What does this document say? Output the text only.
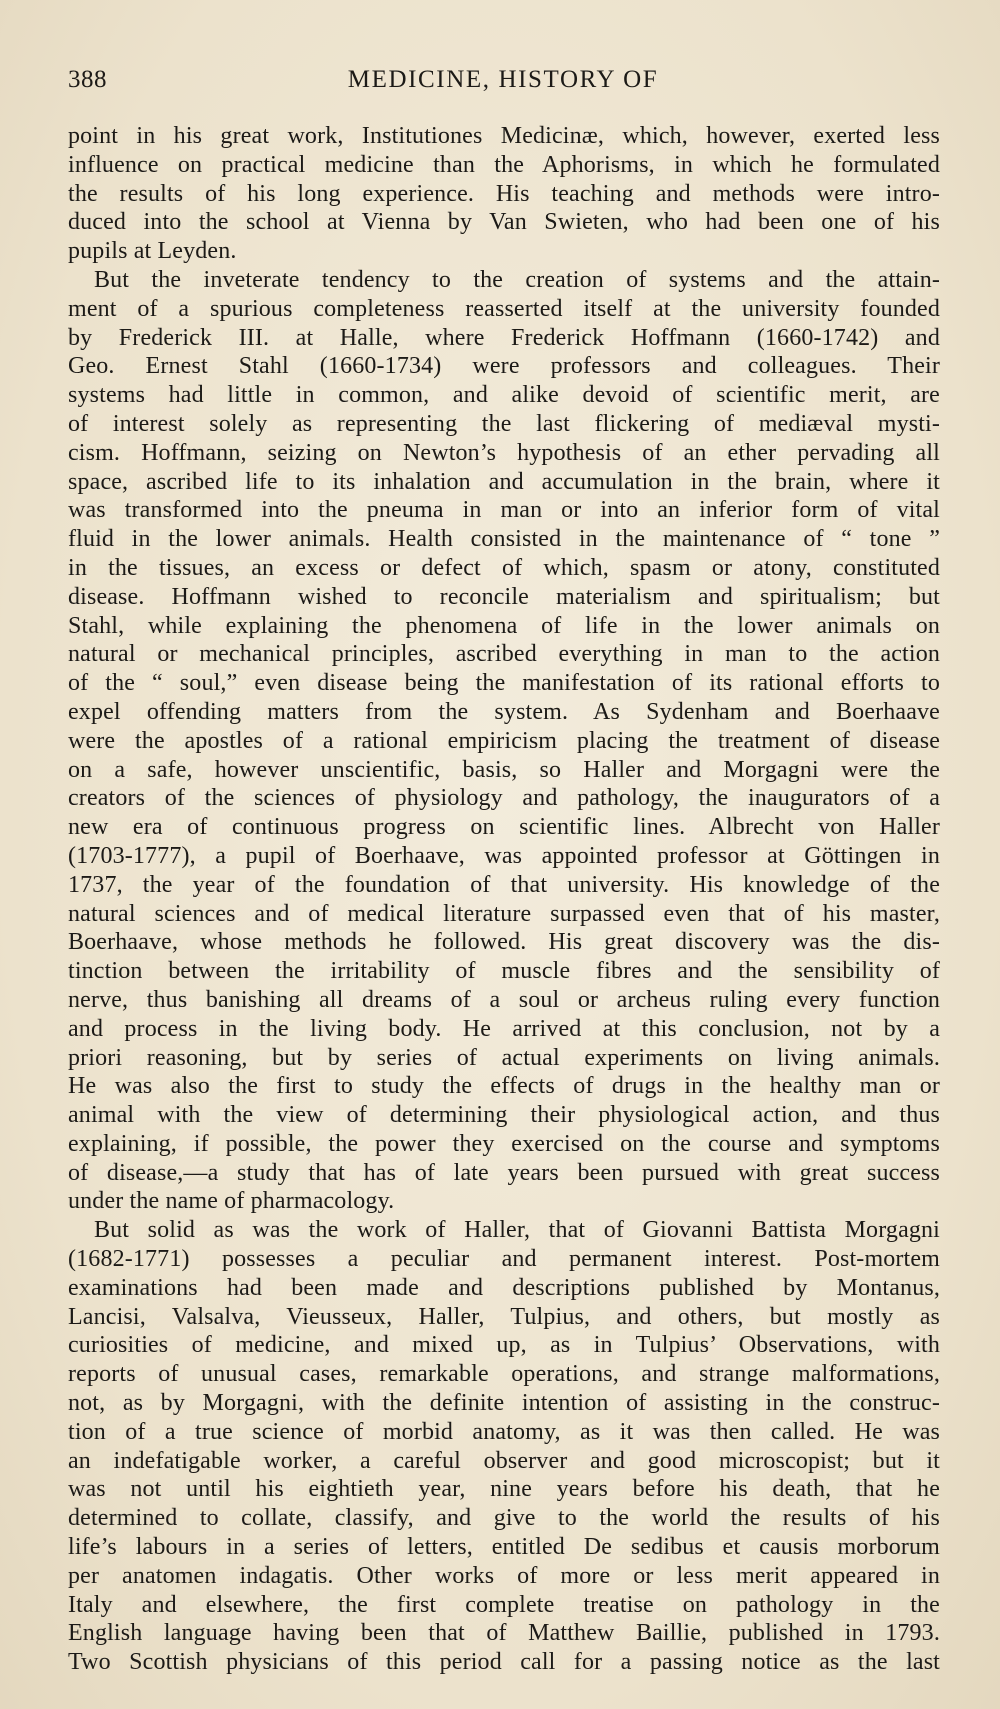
388	MEDICINE, HISTORY OF
point in his great work, Institutiones Medicinæ, which, however, exerted less
influence on practical medicine than the Aphorisms, in which he formulated
the results of his long experience. His teaching and methods were intro-
duced into the school at Vienna by Van Swieten, who had been one of his
pupils at Leyden.
But the inveterate tendency to the creation of systems and the attain-
ment of a spurious completeness reasserted itself at the university founded
by Frederick III. at Halle, where Frederick Hoffmann (1660-1742) and
Geo. Ernest Stahl (1660-1734) were professors and colleagues. Their
systems had little in common, and alike devoid of scientific merit, are
of interest solely as representing the last flickering of mediæval mysti-
cism. Hoffmann, seizing on Newton’s hypothesis of an ether pervading all
space, ascribed life to its inhalation and accumulation in the brain, where it
was transformed into the pneuma in man or into an inferior form of vital
fluid in the lower animals. Health consisted in the maintenance of “ tone ”
in the tissues, an excess or defect of which, spasm or atony, constituted
disease. Hoffmann wished to reconcile materialism and spiritualism; but
Stahl, while explaining the phenomena of life in the lower animals on
natural or mechanical principles, ascribed everything in man to the action
of the “ soul,” even disease being the manifestation of its rational efforts to
expel offending matters from the system. As Sydenham and Boerhaave
were the apostles of a rational empiricism placing the treatment of disease
on a safe, however unscientific, basis, so Haller and Morgagni were the
creators of the sciences of physiology and pathology, the inaugurators of a
new era of continuous progress on scientific lines. Albrecht von Haller
(1703-1777), a pupil of Boerhaave, was appointed professor at Göttingen in
1737, the year of the foundation of that university. His knowledge of the
natural sciences and of medical literature surpassed even that of his master,
Boerhaave, whose methods he followed. His great discovery was the dis-
tinction between the irritability of muscle fibres and the sensibility of
nerve, thus banishing all dreams of a soul or archeus ruling every function
and process in the living body. He arrived at this conclusion, not by a
priori reasoning, but by series of actual experiments on living animals.
He was also the first to study the effects of drugs in the healthy man or
animal with the view of determining their physiological action, and thus
explaining, if possible, the power they exercised on the course and symptoms
of disease,—a study that has of late years been pursued with great success
under the name of pharmacology.
But solid as was the work of Haller, that of Giovanni Battista Morgagni
(1682-1771) possesses a peculiar and permanent interest. Post-mortem
examinations had been made and descriptions published by Montanus,
Lancisi, Valsalva, Vieusseux, Haller, Tulpius, and others, but mostly as
curiosities of medicine, and mixed up, as in Tulpius’ Observations, with
reports of unusual cases, remarkable operations, and strange malformations,
not, as by Morgagni, with the definite intention of assisting in the construc-
tion of a true science of morbid anatomy, as it was then called. He was
an indefatigable worker, a careful observer and good microscopist; but it
was not until his eightieth year, nine years before his death, that he
determined to collate, classify, and give to the world the results of his
life’s labours in a series of letters, entitled De sedibus et causis morborum
per anatomen indagatis. Other works of more or less merit appeared in
Italy and elsewhere, the first complete treatise on pathology in the
English language having been that of Matthew Baillie, published in 1793.
Two Scottish physicians of this period call for a passing notice as the last
